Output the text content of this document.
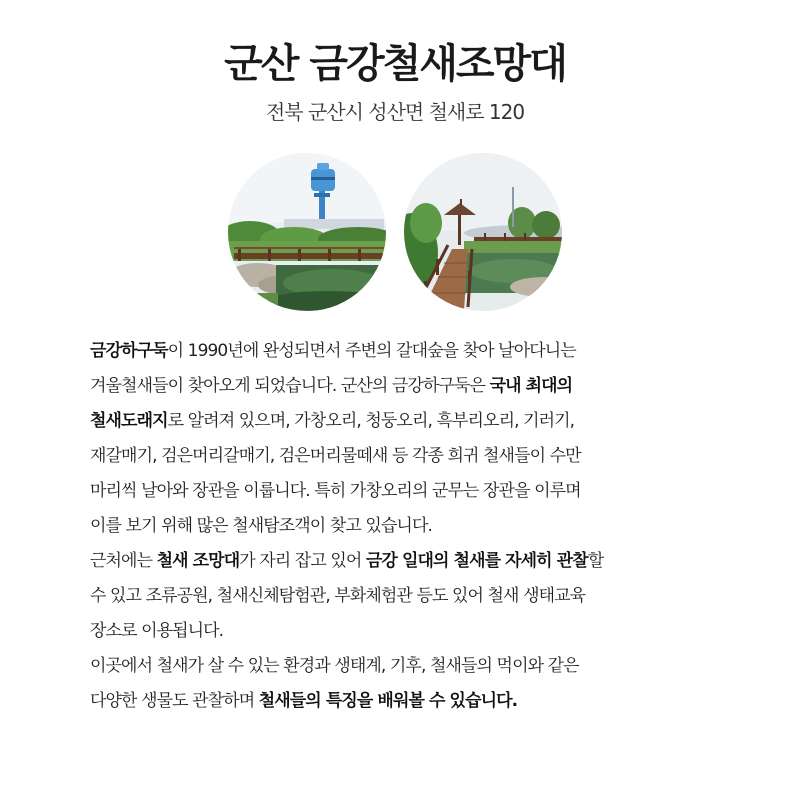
군산 금강철새조망대

전북 군산시 성산면 철새로 120

금강하구둑이 1990년에 완성되면서 주변의 갈대숲을 찾아 날아다니는
겨울철새들이 찾아오게 되었습니다. 군산의 금강하구둑은 국내 최대의
철새도래지로 알려져 있으며, 가창오리, 청둥오리, 흑부리오리, 기러기,
재갈매기, 검은머리갈매기, 검은머리물떼새 등 각종 희귀 철새들이 수만
마리씩 날아와 장관을 이룹니다. 특히 가창오리의 군무는 장관을 이루며
이를 보기 위해 많은 철새탐조객이 찾고 있습니다.
근처에는 철새 조망대가 자리 잡고 있어 금강 일대의 철새를 자세히 관찰할
수 있고 조류공원, 철새신체탐험관, 부화체험관 등도 있어 철새 생태교육
장소로 이용됩니다.
이곳에서 철새가 살 수 있는 환경과 생태계, 기후, 철새들의 먹이와 같은
다양한 생물도 관찰하며 철새들의 특징을 배워볼 수 있습니다.
